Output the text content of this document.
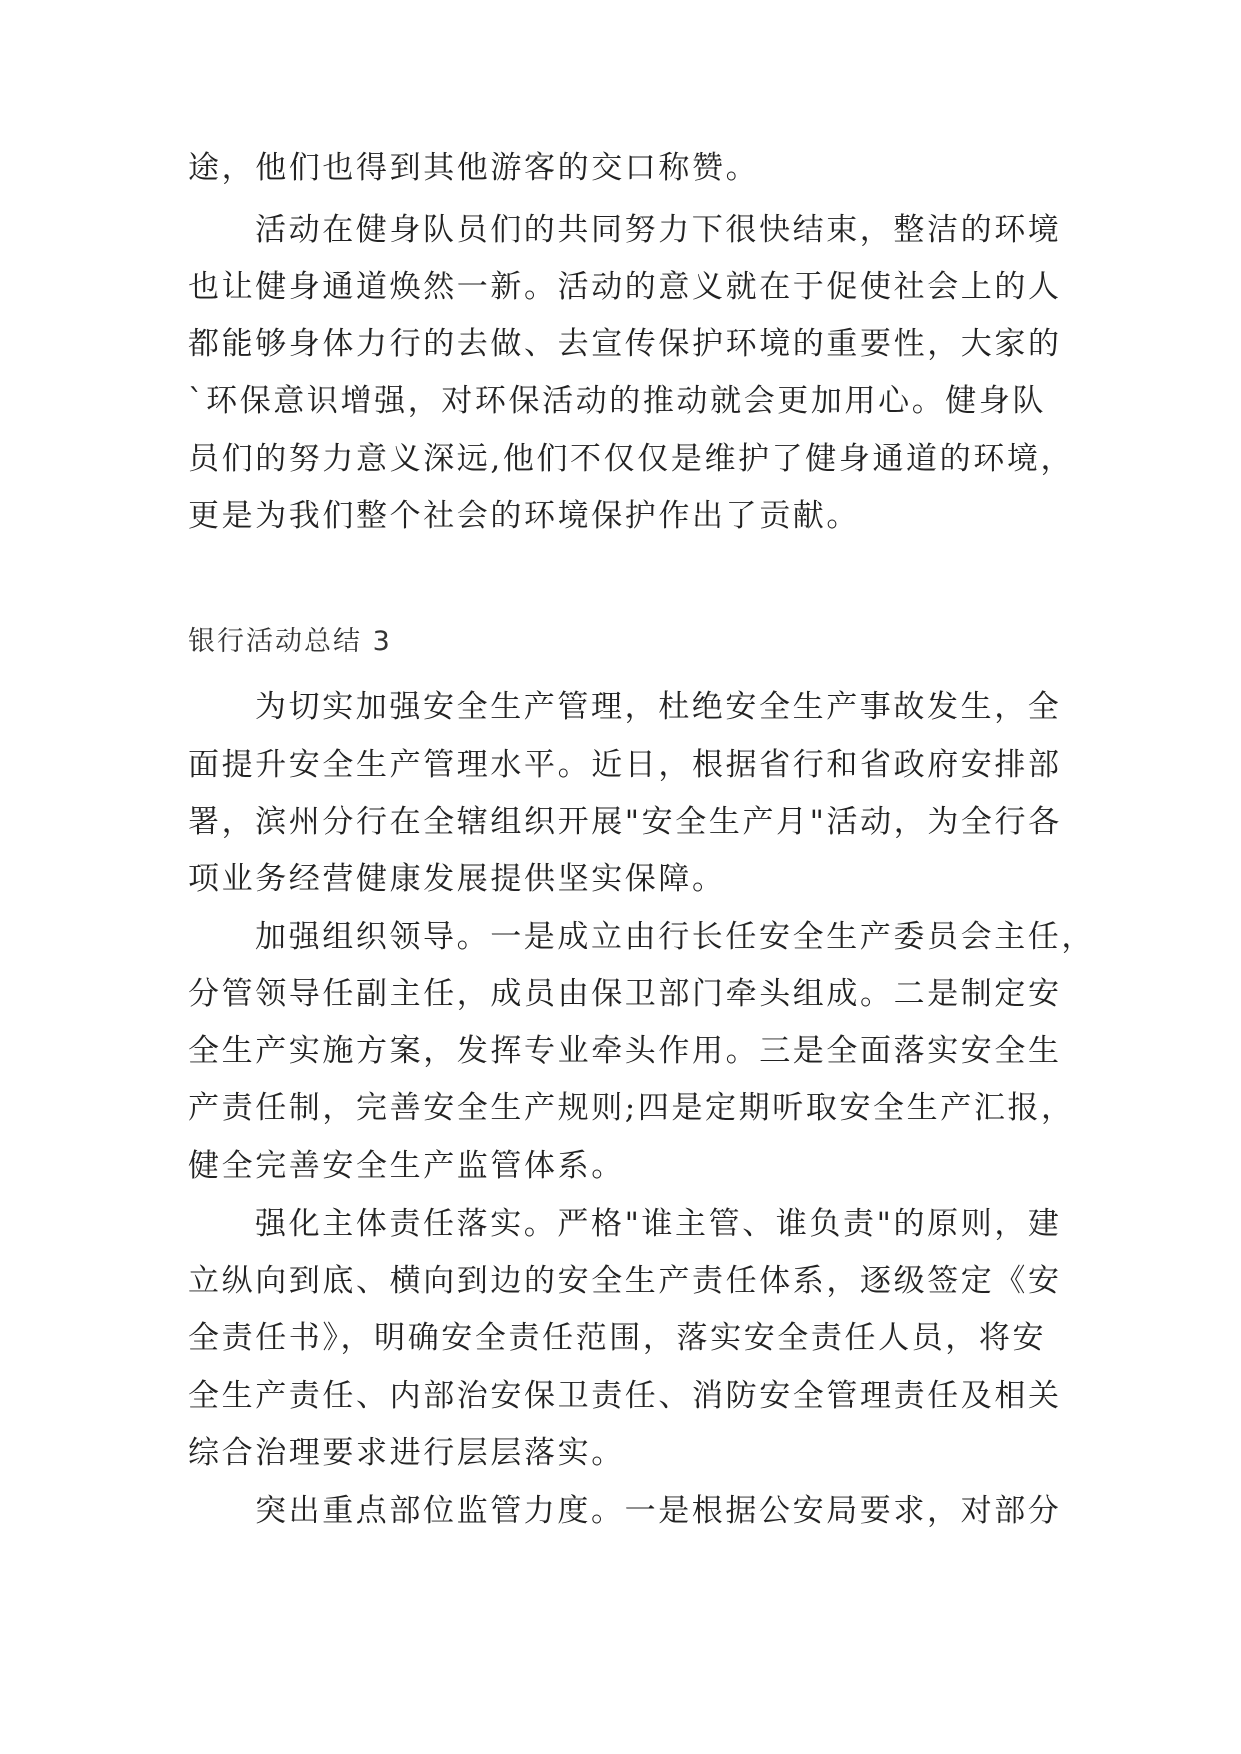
途，他们也得到其他游客的交口称赞。

活动在健身队员们的共同努力下很快结束，整洁的环境

也让健身通道焕然一新。活动的意义就在于促使社会上的人

都能够身体力行的去做、去宣传保护环境的重要性，大家的

`环保意识增强，对环保活动的推动就会更加用心。健身队

员们的努力意义深远,他们不仅仅是维护了健身通道的环境，

更是为我们整个社会的环境保护作出了贡献。

银行活动总结 3

为切实加强安全生产管理，杜绝安全生产事故发生，全

面提升安全生产管理水平。近日，根据省行和省政府安排部

署，滨州分行在全辖组织开展"安全生产月"活动，为全行各

项业务经营健康发展提供坚实保障。

加强组织领导。一是成立由行长任安全生产委员会主任，

分管领导任副主任，成员由保卫部门牵头组成。二是制定安

全生产实施方案，发挥专业牵头作用。三是全面落实安全生

产责任制，完善安全生产规则;四是定期听取安全生产汇报，

健全完善安全生产监管体系。

强化主体责任落实。严格"谁主管、谁负责"的原则，建

立纵向到底、横向到边的安全生产责任体系，逐级签定《安

全责任书》，明确安全责任范围，落实安全责任人员，将安

全生产责任、内部治安保卫责任、消防安全管理责任及相关

综合治理要求进行层层落实。

突出重点部位监管力度。一是根据公安局要求，对部分
